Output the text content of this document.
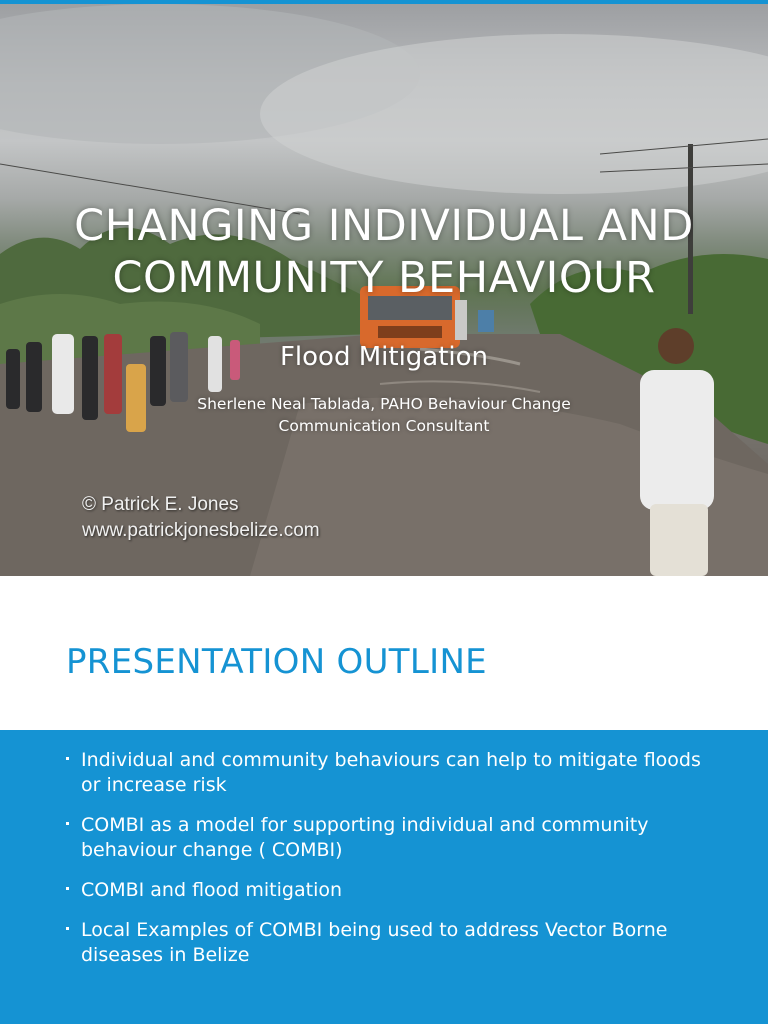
CHANGING INDIVIDUAL AND COMMUNITY BEHAVIOUR
Flood Mitigation
Sherlene Neal Tablada, PAHO Behaviour Change Communication Consultant
© Patrick E. Jones
www.patrickjonesbelize.com
PRESENTATION OUTLINE
Individual and community behaviours can help to mitigate floods or increase risk
COMBI as a model for supporting individual and community behaviour change ( COMBI)
COMBI and flood mitigation
Local Examples of COMBI being used to address Vector Borne diseases in Belize
